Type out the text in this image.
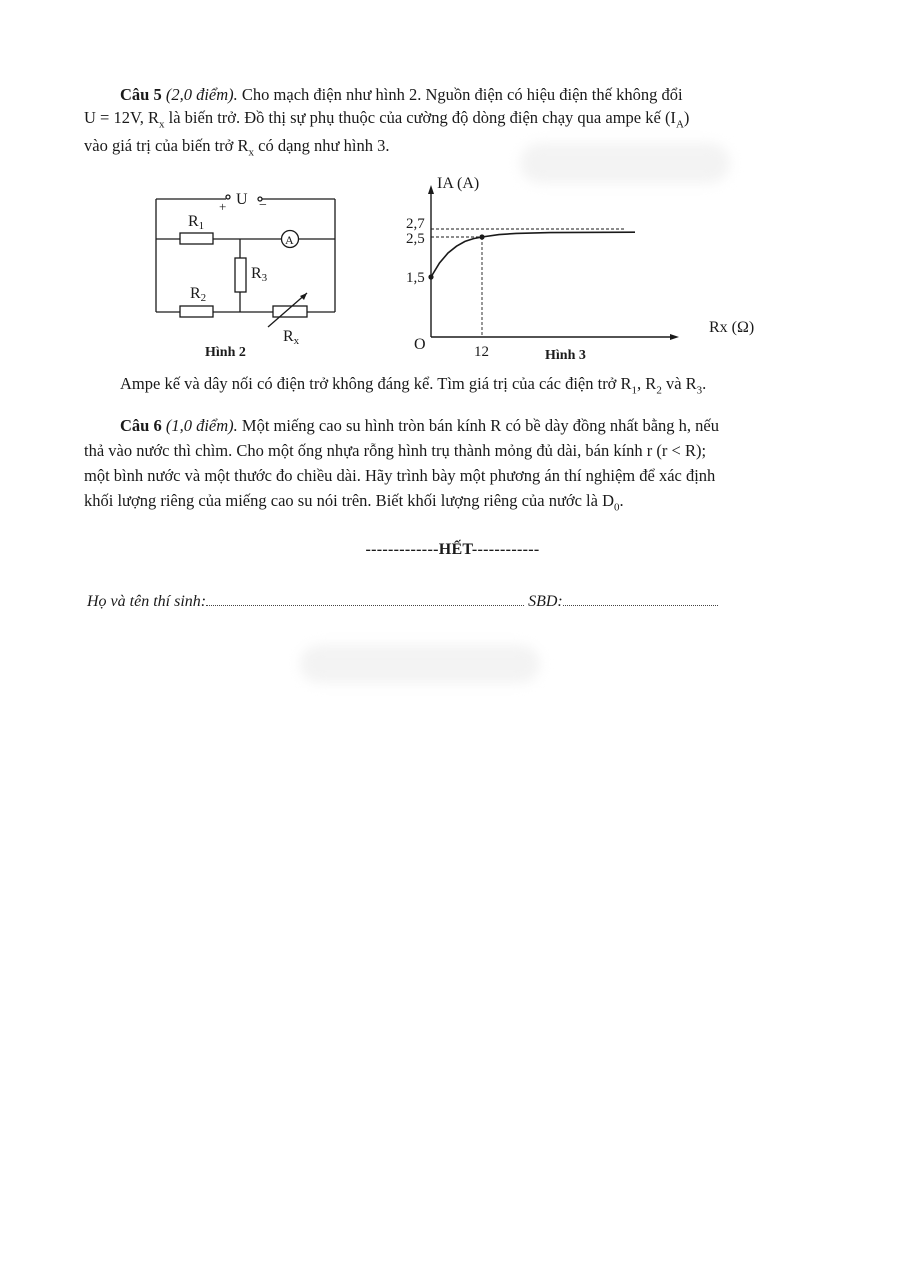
Câu 5 (2,0 điểm). Cho mạch điện như hình 2. Nguồn điện có hiệu điện thế không đổi
U = 12V, $R_x$ là biến trở. Đồ thị sự phụ thuộc của cường độ dòng điện chạy qua ampe kế $(I_A)$
vào giá trị của biến trở $R_x$ có dạng như hình 3.
+ U −
R1
A
R3
R2
Rx
Hình 2
1,5
2,5
2,7
12
IA (A)
Rx (Ω)
O
Hình 3
Ampe kế và dây nối có điện trở không đáng kể. Tìm giá trị của các điện trở $R_1$, $R_2$ và $R_3$.
Câu 6 (1,0 điểm). Một miếng cao su hình tròn bán kính R có bề dày đồng nhất bằng h, nếu
thả vào nước thì chìm. Cho một ống nhựa rỗng hình trụ thành mỏng đủ dài, bán kính r (r < R);
một bình nước và một thước đo chiều dài. Hãy trình bày một phương án thí nghiệm để xác định
khối lượng riêng của miếng cao su nói trên. Biết khối lượng riêng của nước là $D_0$.
-------------HẾT------------
Họ và tên thí sinh:	SBD:
